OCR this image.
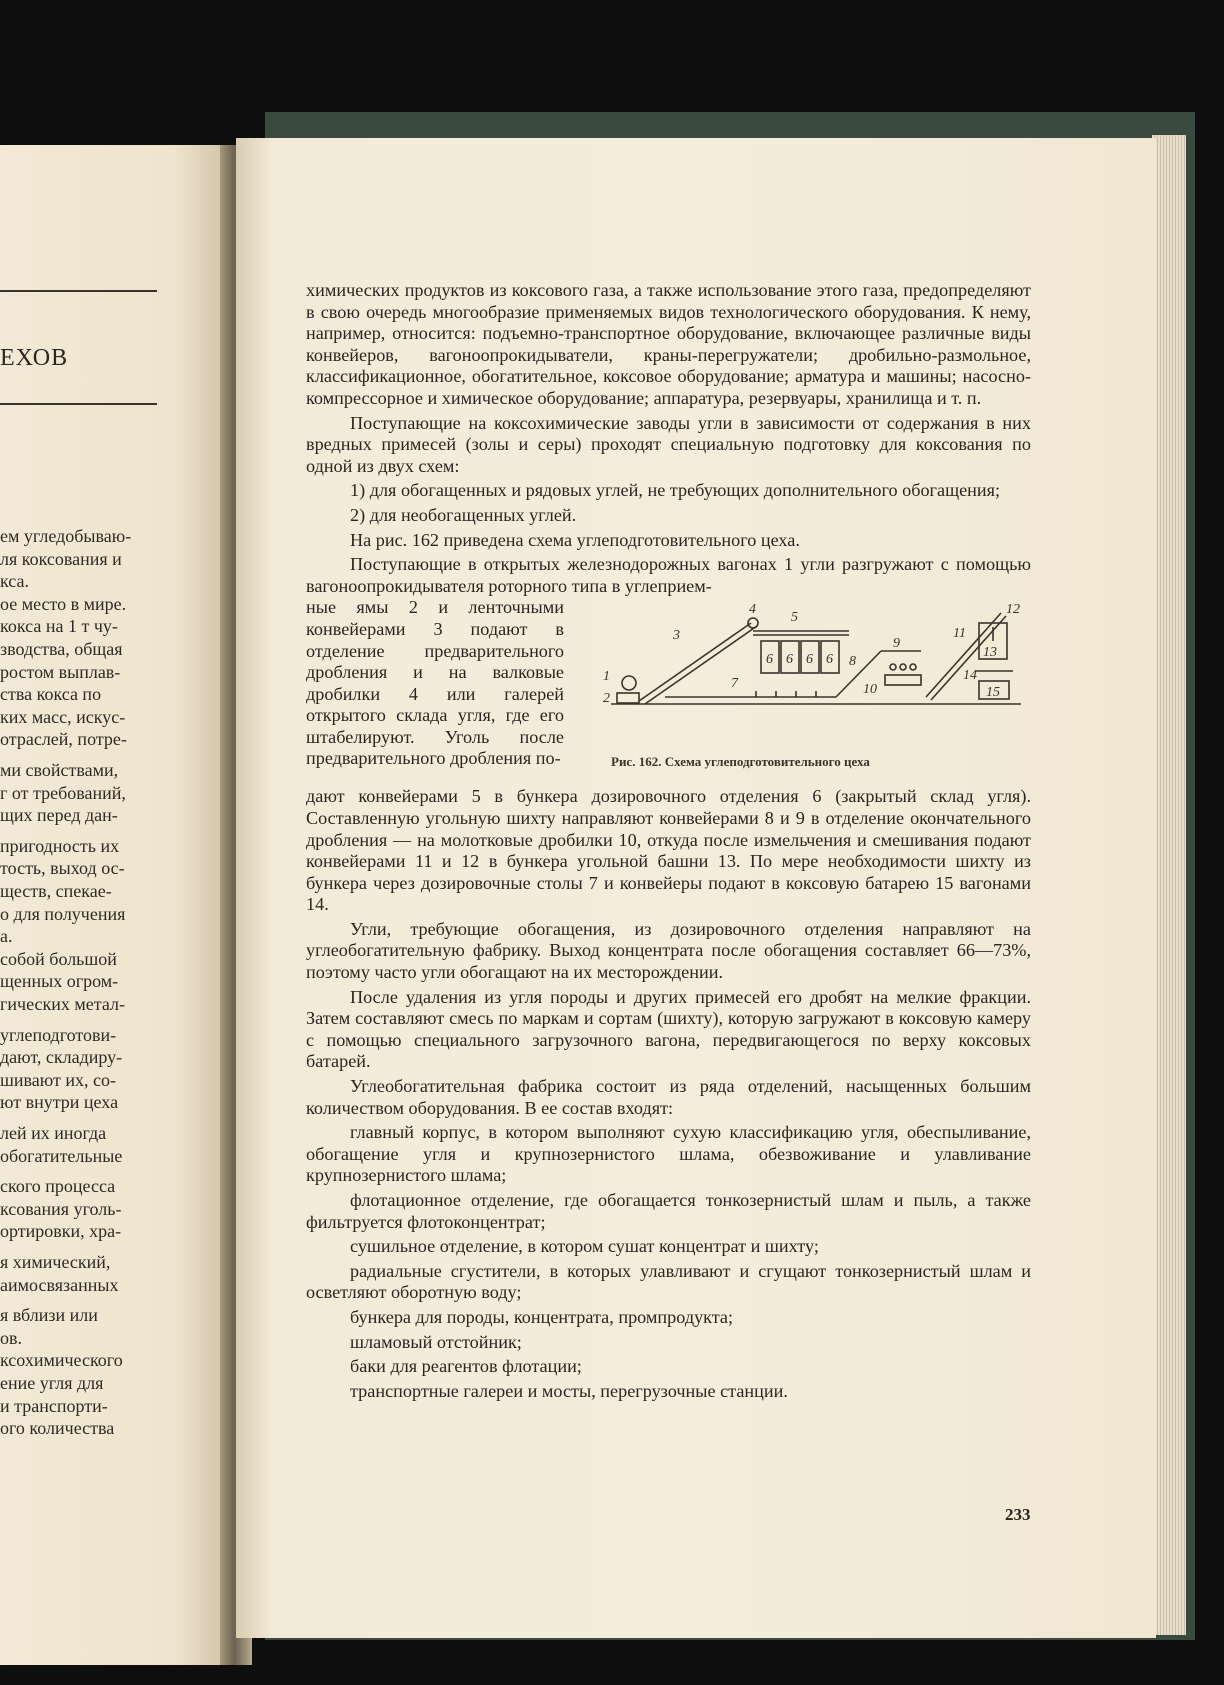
ЕХОВ
ем угледобываю-
ля коксования и
кса.
ое место в мире.
кокса на 1 т чу-
зводства, общая
ростом выплав-
ства кокса по
ких масс, искус-
отраслей, потре-
ми свойствами,
г от требований,
щих перед дан-
пригодность их
тость, выход ос-
ществ, спекае-
о для получения
а.
собой большой
щенных огром-
гических метал-
углеподготови-
дают, складиру-
шивают их, со-
ют внутри цеха
лей их иногда
обогатительные
ского процесса
ксования уголь-
ортировки, хра-
я химический,
аимосвязанных
я вблизи или
ов.
ксохимического
ение угля для
и транспорти-
ого количества

химических продуктов из коксового газа, а также использование этого газа, предопределяют в свою очередь многообразие применяемых видов технологического оборудования. К нему, например, относится: подъемно-транспортное оборудование, включающее различные виды конвейеров, вагоноопрокидыватели, краны-перегружатели; дробильно-размольное, классификационное, обогатительное, коксовое оборудование; арматура и машины; насосно-компрессорное и химическое оборудование; аппаратура, резервуары, хранилища и т. п.

Поступающие на коксохимические заводы угли в зависимости от содержания в них вредных примесей (золы и серы) проходят специальную подготовку для коксования по одной из двух схем:

1) для обогащенных и рядовых углей, не требующих дополнительного обогащения;

2) для необогащенных углей.

На рис. 162 приведена схема углеподготовительного цеха.

Поступающие в открытых железнодорожных вагонах 1 угли разгружают с помощью вагоноопрокидывателя роторного типа в углеприем-

ные ямы 2 и ленточными конвейерами 3 подают в отделение предварительного дробления и на валковые дробилки 4 или галерей открытого склада угля, где его штабелируют. Уголь после предварительного дробления по-
1
2
3
4
5
6 6 6 6
7
8
9
10
11
12
13
14
15
Рис. 162. Схема углеподготовительного цеха

дают конвейерами 5 в бункера дозировочного отделения 6 (закрытый склад угля). Составленную угольную шихту направляют конвейерами 8 и 9 в отделение окончательного дробления — на молотковые дробилки 10, откуда после измельчения и смешивания подают конвейерами 11 и 12 в бункера угольной башни 13. По мере необходимости шихту из бункера через дозировочные столы 7 и конвейеры подают в коксовую батарею 15 вагонами 14.

Угли, требующие обогащения, из дозировочного отделения направляют на углеобогатительную фабрику. Выход концентрата после обогащения составляет 66—73%, поэтому часто угли обогащают на их месторождении.

После удаления из угля породы и других примесей его дробят на мелкие фракции. Затем составляют смесь по маркам и сортам (шихту), которую загружают в коксовую камеру с помощью специального загрузочного вагона, передвигающегося по верху коксовых батарей.

Углеобогатительная фабрика состоит из ряда отделений, насыщенных большим количеством оборудования. В ее состав входят:

главный корпус, в котором выполняют сухую классификацию угля, обеспыливание, обогащение угля и крупнозернистого шлама, обезвоживание и улавливание крупнозернистого шлама;

флотационное отделение, где обогащается тонкозернистый шлам и пыль, а также фильтруется флотоконцентрат;

сушильное отделение, в котором сушат концентрат и шихту;

радиальные сгустители, в которых улавливают и сгущают тонкозернистый шлам и осветляют оборотную воду;

бункера для породы, концентрата, промпродукта;

шламовый отстойник;

баки для реагентов флотации;

транспортные галереи и мосты, перегрузочные станции.

233
